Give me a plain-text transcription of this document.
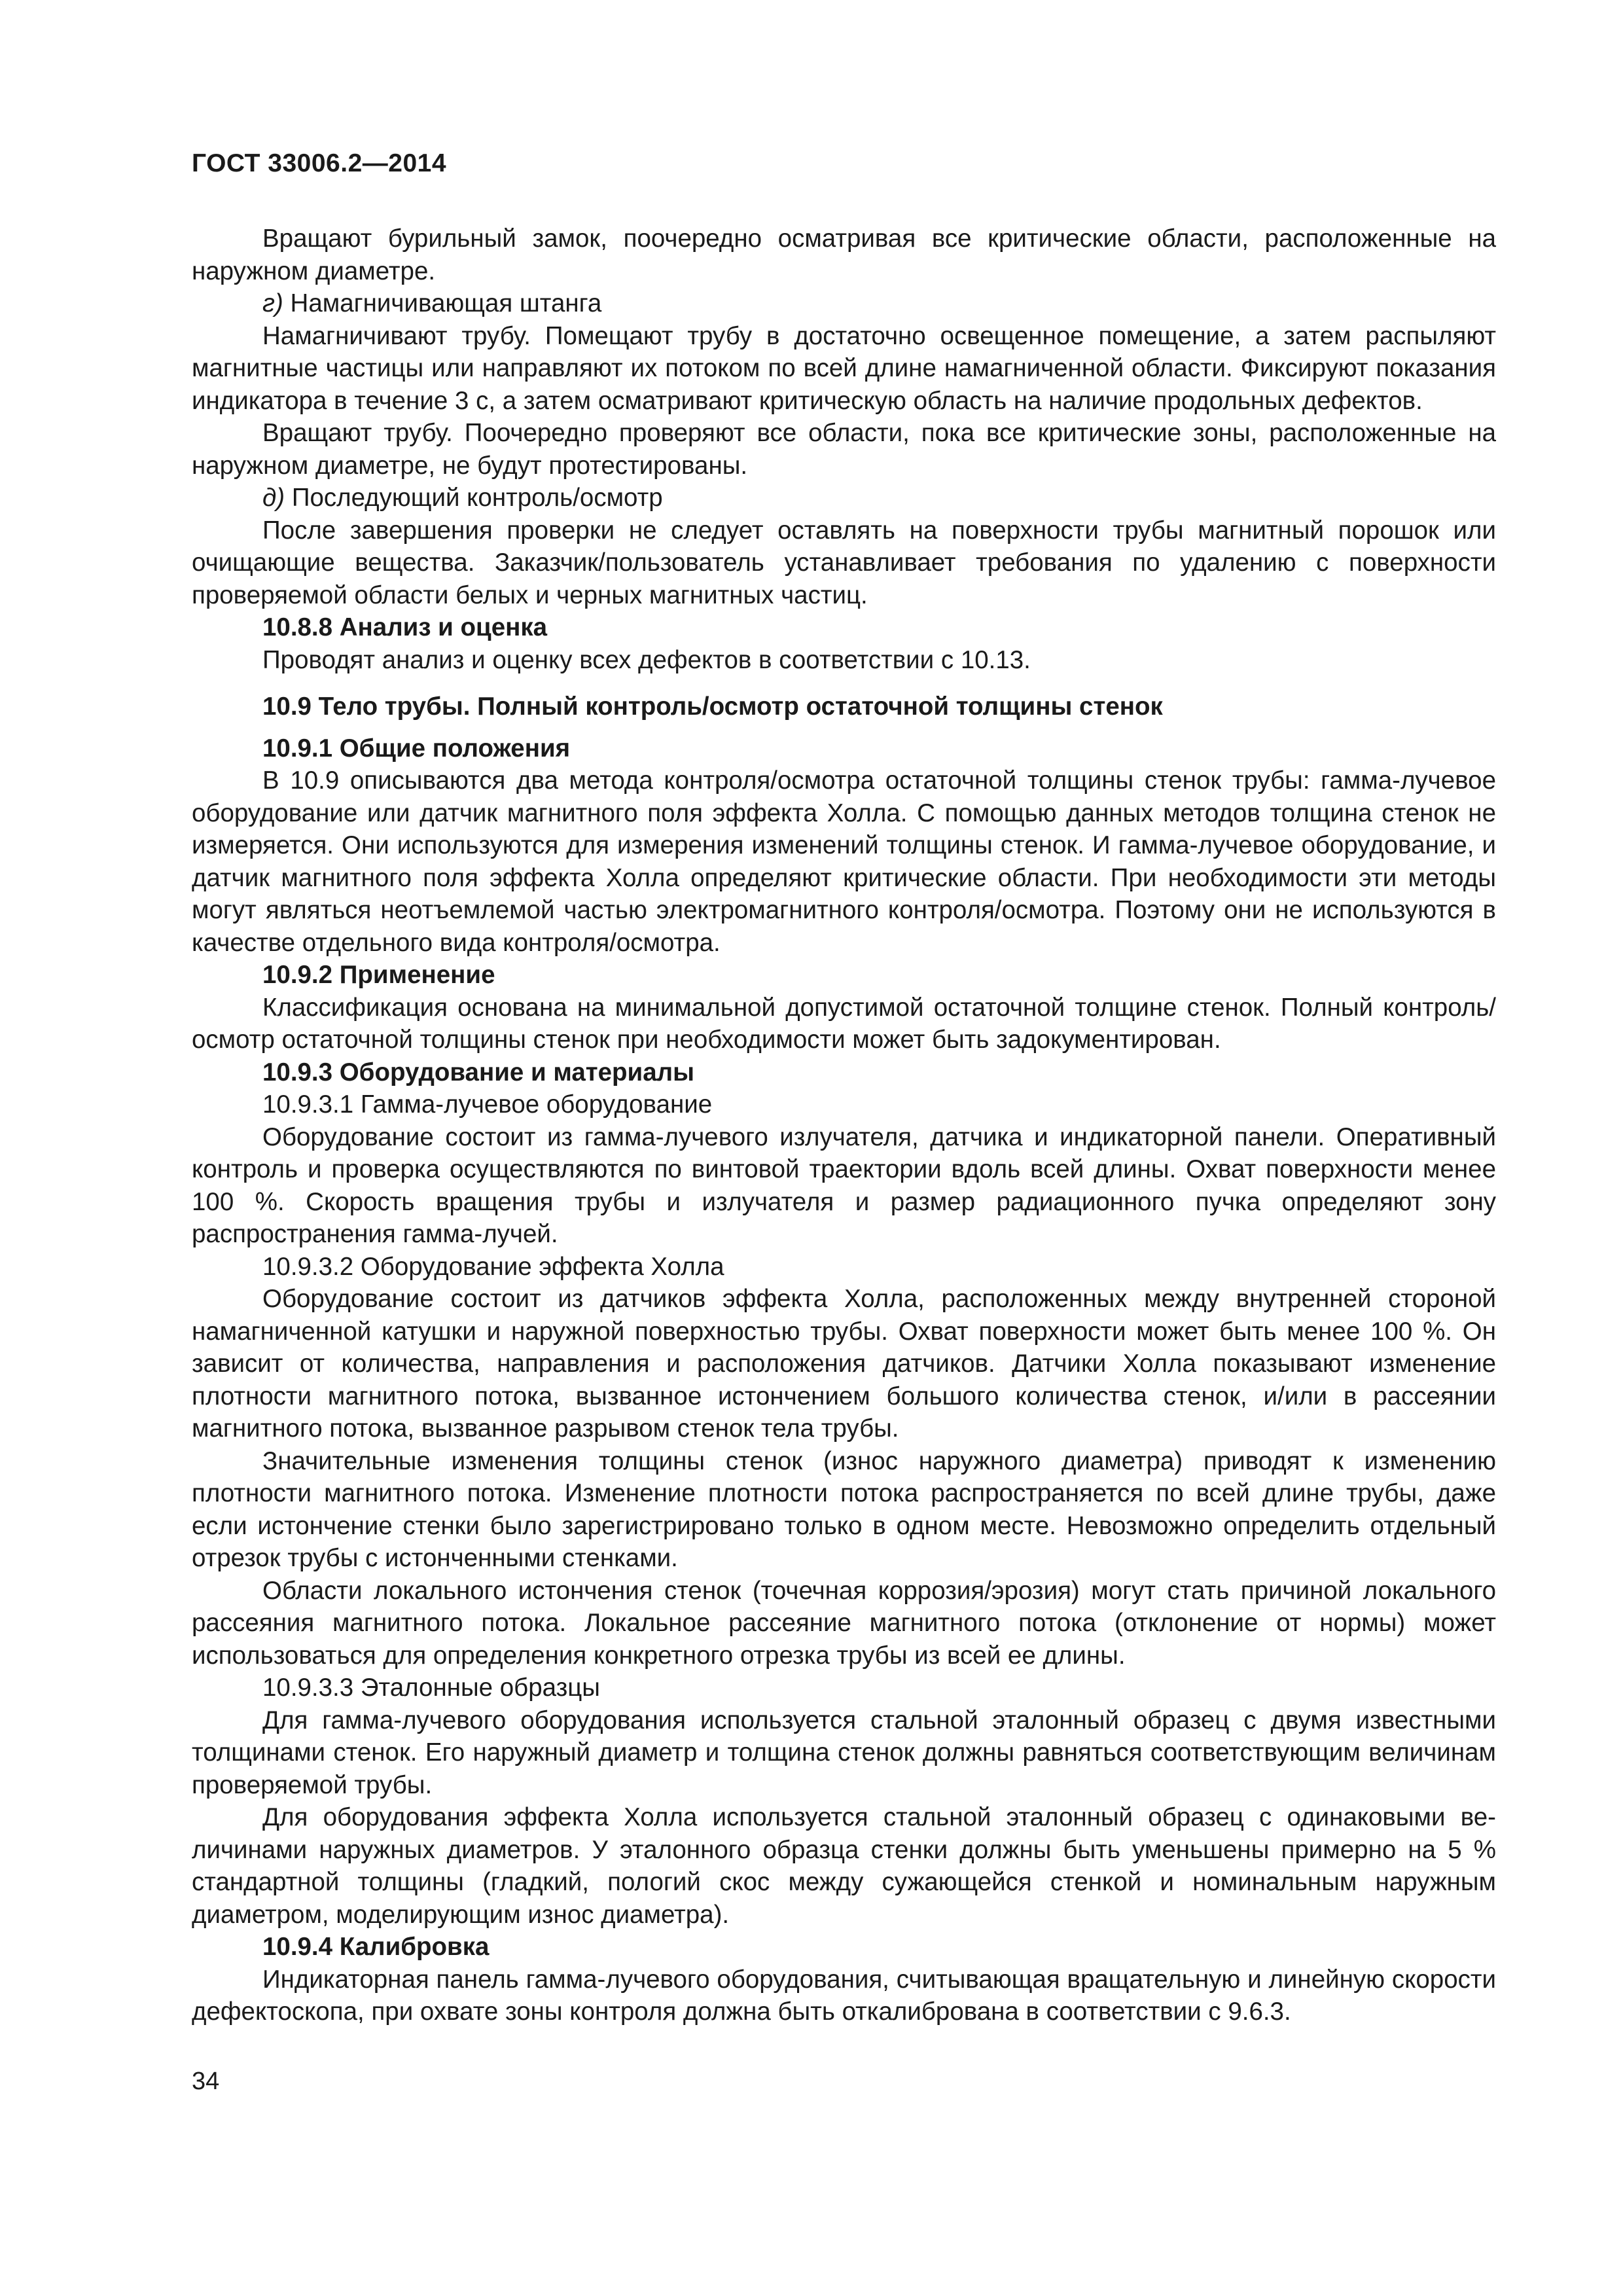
ГОСТ 33006.2—2014

Вращают бурильный замок, поочередно осматривая все критические области, расположенные на наружном диаметре.

г) Намагничивающая штанга

Намагничивают трубу. Помещают трубу в достаточно освещенное помещение, а затем распыляют магнитные частицы или направляют их потоком по всей длине намагниченной области. Фиксируют показания индикатора в течение 3 с, а затем осматривают критическую область на наличие продольных дефектов.

Вращают трубу. Поочередно проверяют все области, пока все критические зоны, расположенные на наружном диаметре, не будут протестированы.

д) Последующий контроль/осмотр

После завершения проверки не следует оставлять на поверхности трубы магнитный порошок или очищающие вещества. Заказчик/пользователь устанавливает требования по удалению с поверхности проверяемой области белых и черных магнитных частиц.

10.8.8 Анализ и оценка

Проводят анализ и оценку всех дефектов в соответствии с 10.13.

10.9 Тело трубы. Полный контроль/осмотр остаточной толщины стенок

10.9.1 Общие положения

В 10.9 описываются два метода контроля/осмотра остаточной толщины стенок трубы: гамма-лучевое оборудование или датчик магнитного поля эффекта Холла. С помощью данных методов толщина стенок не измеряется. Они используются для измерения изменений толщины стенок. И гамма-лучевое оборудование, и датчик магнитного поля эффекта Холла определяют критические области. При необходимости эти методы могут являться неотъемлемой частью электромагнитного контроля/осмотра. Поэтому они не используются в качестве отдельного вида контроля/осмотра.

10.9.2 Применение

Классификация основана на минимальной допустимой остаточной толщине стенок. Полный контроль/осмотр остаточной толщины стенок при необходимости может быть задокументирован.

10.9.3 Оборудование и материалы

10.9.3.1 Гамма-лучевое оборудование

Оборудование состоит из гамма-лучевого излучателя, датчика и индикаторной панели. Оперативный контроль и проверка осуществляются по винтовой траектории вдоль всей длины. Охват поверхности менее 100 %. Скорость вращения трубы и излучателя и размер радиационного пучка определяют зону распространения гамма-лучей.

10.9.3.2 Оборудование эффекта Холла

Оборудование состоит из датчиков эффекта Холла, расположенных между внутренней стороной намагниченной катушки и наружной поверхностью трубы. Охват поверхности может быть менее 100 %. Он зависит от количества, направления и расположения датчиков. Датчики Холла показывают изменение плотности магнитного потока, вызванное истончением большого количества стенок, и/или в рассеянии магнитного потока, вызванное разрывом стенок тела трубы.

Значительные изменения толщины стенок (износ наружного диаметра) приводят к изменению плотности магнитного потока. Изменение плотности потока распространяется по всей длине трубы, даже если истончение стенки было зарегистрировано только в одном месте. Невозможно определить отдельный отрезок трубы с истонченными стенками.

Области локального истончения стенок (точечная коррозия/эрозия) могут стать причиной локального рассеяния магнитного потока. Локальное рассеяние магнитного потока (отклонение от нормы) может использоваться для определения конкретного отрезка трубы из всей ее длины.

10.9.3.3 Эталонные образцы

Для гамма-лучевого оборудования используется стальной эталонный образец с двумя известными толщинами стенок. Его наружный диаметр и толщина стенок должны равняться соответствующим величинам проверяемой трубы.

Для оборудования эффекта Холла используется стальной эталонный образец с одинаковыми величинами наружных диаметров. У эталонного образца стенки должны быть уменьшены примерно на 5 % стандартной толщины (гладкий, пологий скос между сужающейся стенкой и номинальным наружным диаметром, моделирующим износ диаметра).

10.9.4 Калибровка

Индикаторная панель гамма-лучевого оборудования, считывающая вращательную и линейную скорости дефектоскопа, при охвате зоны контроля должна быть откалибрована в соответствии с 9.6.3.

34
